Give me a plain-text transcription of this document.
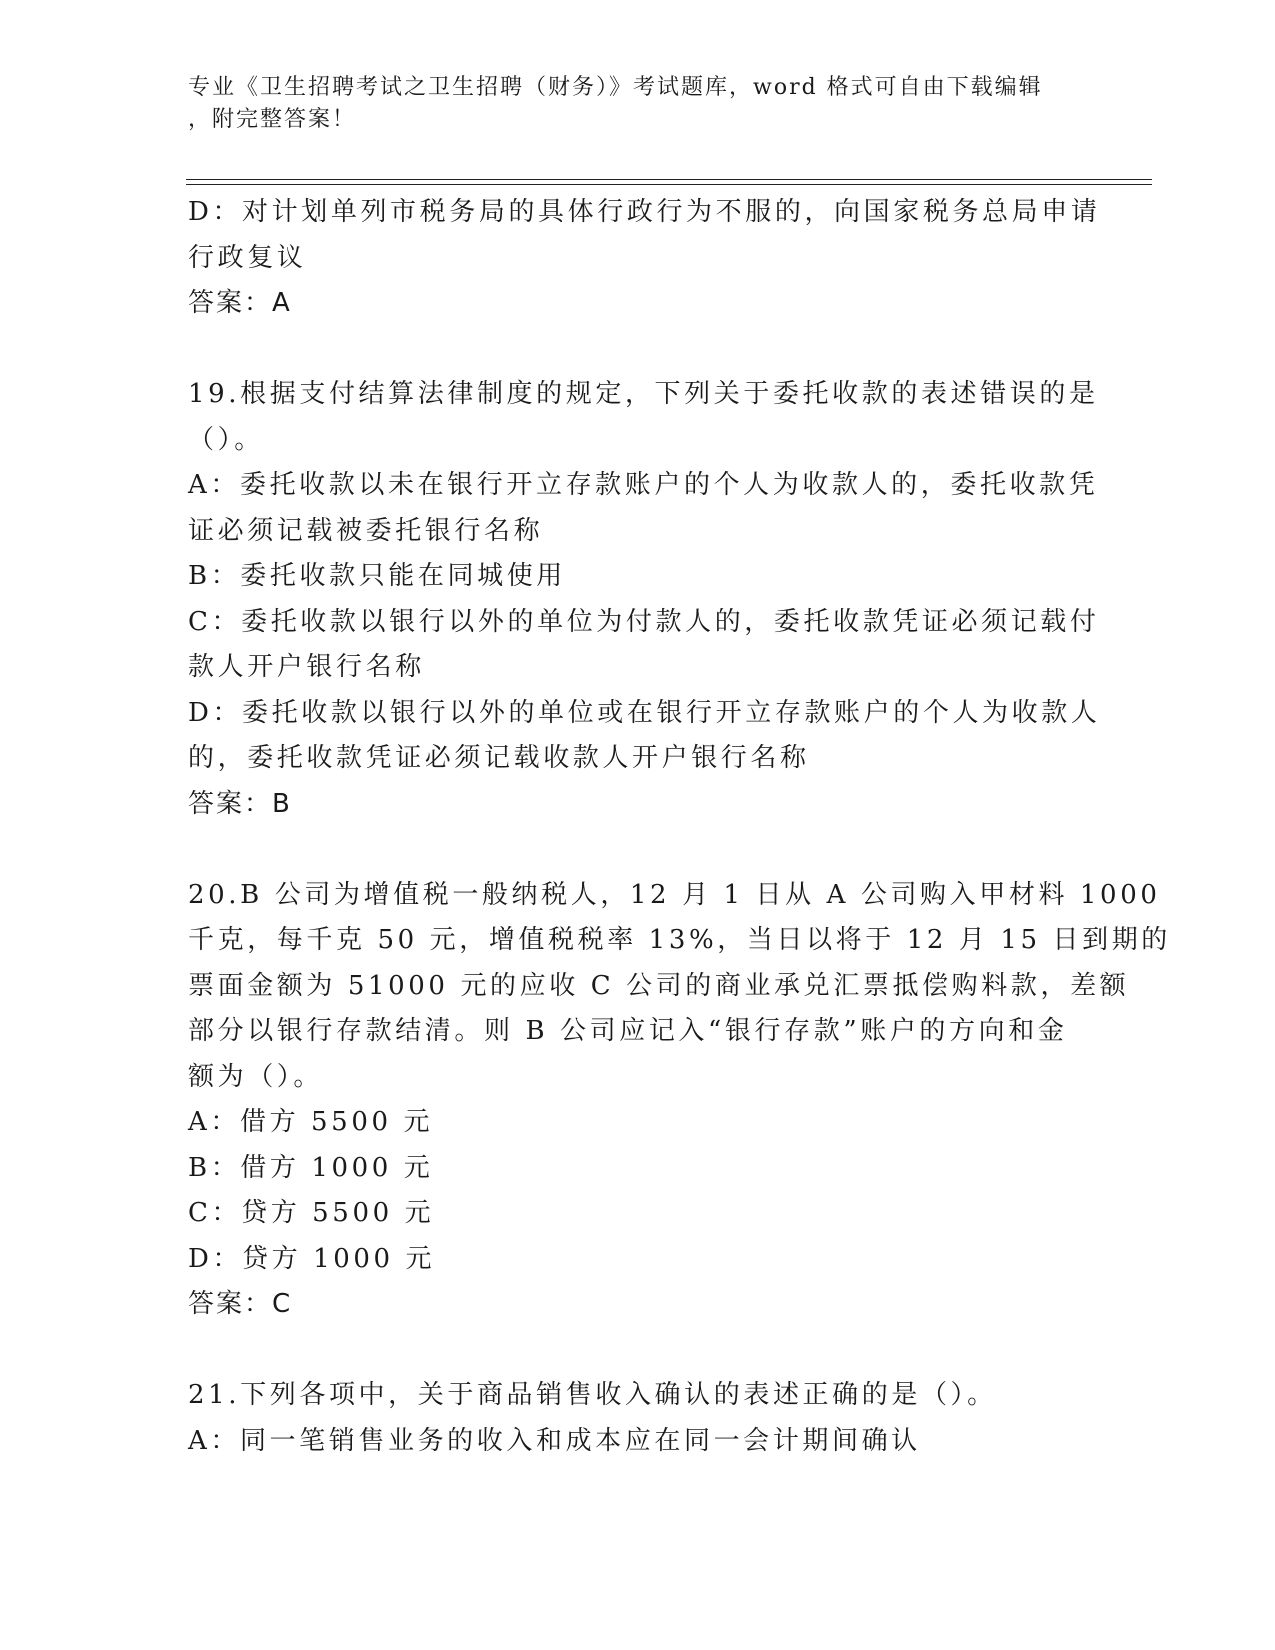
专业《卫生招聘考试之卫生招聘（财务）》考试题库，word 格式可自由下载编辑
，附完整答案！
D：对计划单列市税务局的具体行政行为不服的，向国家税务总局申请
行政复议
答案：A
19.根据支付结算法律制度的规定，下列关于委托收款的表述错误的是
（）。
A：委托收款以未在银行开立存款账户的个人为收款人的，委托收款凭
证必须记载被委托银行名称
B：委托收款只能在同城使用
C：委托收款以银行以外的单位为付款人的，委托收款凭证必须记载付
款人开户银行名称
D：委托收款以银行以外的单位或在银行开立存款账户的个人为收款人
的，委托收款凭证必须记载收款人开户银行名称
答案：B
20.B 公司为增值税一般纳税人，12 月 1 日从 A 公司购入甲材料 1000
千克，每千克 50 元，增值税税率 13%，当日以将于 12 月 15 日到期的
票面金额为 51000 元的应收 C 公司的商业承兑汇票抵偿购料款，差额
部分以银行存款结清。则 B 公司应记入“银行存款”账户的方向和金
额为（）。
A：借方 5500 元
B：借方 1000 元
C：贷方 5500 元
D：贷方 1000 元
答案：C
21.下列各项中，关于商品销售收入确认的表述正确的是（）。
A：同一笔销售业务的收入和成本应在同一会计期间确认
